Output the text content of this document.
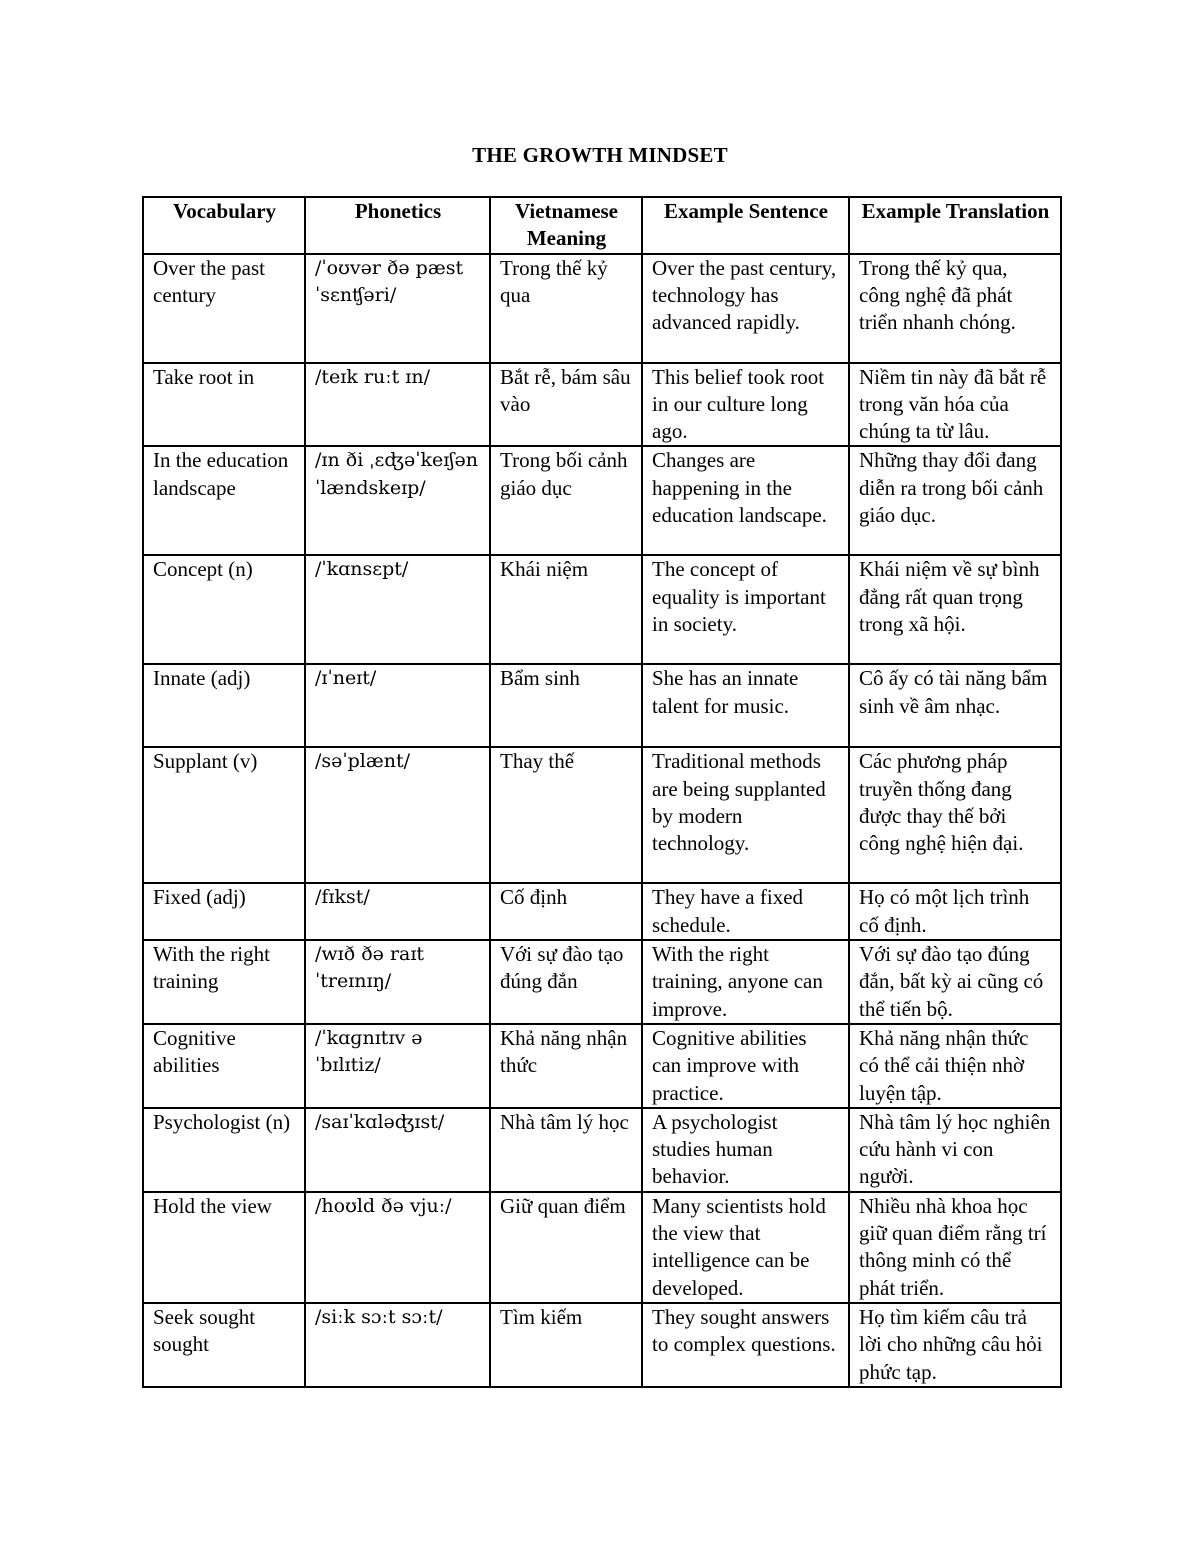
THE GROWTH MINDSET
Vocabulary	Phonetics	Vietnamese Meaning	Example Sentence	Example Translation
Over the past century	/ˈoʊvər ðə pæst ˈsɛnʧəri/	Trong thế kỷ qua	Over the past century, technology has advanced rapidly.	Trong thế kỷ qua, công nghệ đã phát triển nhanh chóng.
Take root in	/teɪk ruːt ɪn/	Bắt rễ, bám sâu vào	This belief took root in our culture long ago.	Niềm tin này đã bắt rễ trong văn hóa của chúng ta từ lâu.
In the education landscape	/ɪn ði ˌɛʤəˈkeɪʃən ˈlændskeɪp/	Trong bối cảnh giáo dục	Changes are happening in the education landscape.	Những thay đổi đang diễn ra trong bối cảnh giáo dục.
Concept (n)	/ˈkɑnsɛpt/	Khái niệm	The concept of equality is important in society.	Khái niệm về sự bình đẳng rất quan trọng trong xã hội.
Innate (adj)	/ɪˈneɪt/	Bẩm sinh	She has an innate talent for music.	Cô ấy có tài năng bẩm sinh về âm nhạc.
Supplant (v)	/səˈplænt/	Thay thế	Traditional methods are being supplanted by modern technology.	Các phương pháp truyền thống đang được thay thế bởi công nghệ hiện đại.
Fixed (adj)	/fɪkst/	Cố định	They have a fixed schedule.	Họ có một lịch trình cố định.
With the right training	/wɪð ðə raɪt ˈtreɪnɪŋ/	Với sự đào tạo đúng đắn	With the right training, anyone can improve.	Với sự đào tạo đúng đắn, bất kỳ ai cũng có thể tiến bộ.
Cognitive abilities	/ˈkɑɡnɪtɪv əˈbɪlɪtiz/	Khả năng nhận thức	Cognitive abilities can improve with practice.	Khả năng nhận thức có thể cải thiện nhờ luyện tập.
Psychologist (n)	/saɪˈkɑləʤɪst/	Nhà tâm lý học	A psychologist studies human behavior.	Nhà tâm lý học nghiên cứu hành vi con người.
Hold the view	/hoʊld ðə vjuː/	Giữ quan điểm	Many scientists hold the view that intelligence can be developed.	Nhiều nhà khoa học giữ quan điểm rằng trí thông minh có thể phát triển.
Seek sought sought	/siːk sɔːt sɔːt/	Tìm kiếm	They sought answers to complex questions.	Họ tìm kiếm câu trả lời cho những câu hỏi phức tạp.
